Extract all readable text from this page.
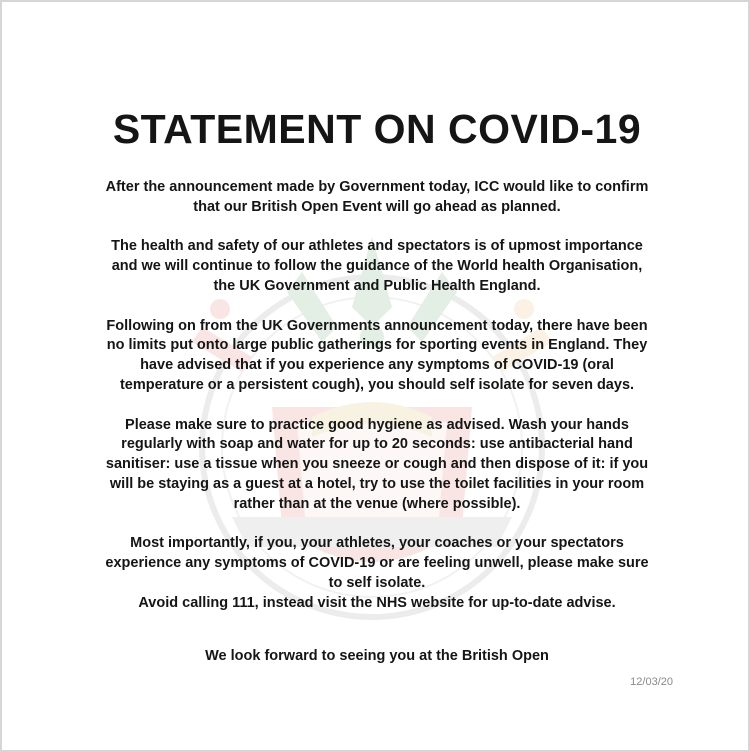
STATEMENT ON COVID-19

After the announcement made by Government today, ICC would like to confirm
that our British Open Event will go ahead as planned.

The health and safety of our athletes and spectators is of upmost importance
and we will continue to follow the guidance of the World health Organisation,
the UK Government and Public Health England.

Following on from the UK Governments announcement today, there have been
no limits put onto large public gatherings for sporting events in England. They
have advised that if you experience any symptoms of COVID-19 (oral
temperature or a persistent cough), you should self isolate for seven days.

Please make sure to practice good hygiene as advised. Wash your hands
regularly with soap and water for up to 20 seconds: use antibacterial hand
sanitiser: use a tissue when you sneeze or cough and then dispose of it: if you
will be staying as a guest at a hotel, try to use the toilet facilities in your room
rather than at the venue (where possible).

Most importantly, if you, your athletes, your coaches or your spectators
experience any symptoms of COVID-19 or are feeling unwell, please make sure
to self isolate.
Avoid calling 111, instead visit the NHS website for up-to-date advise.

We look forward to seeing you at the British Open

12/03/20
